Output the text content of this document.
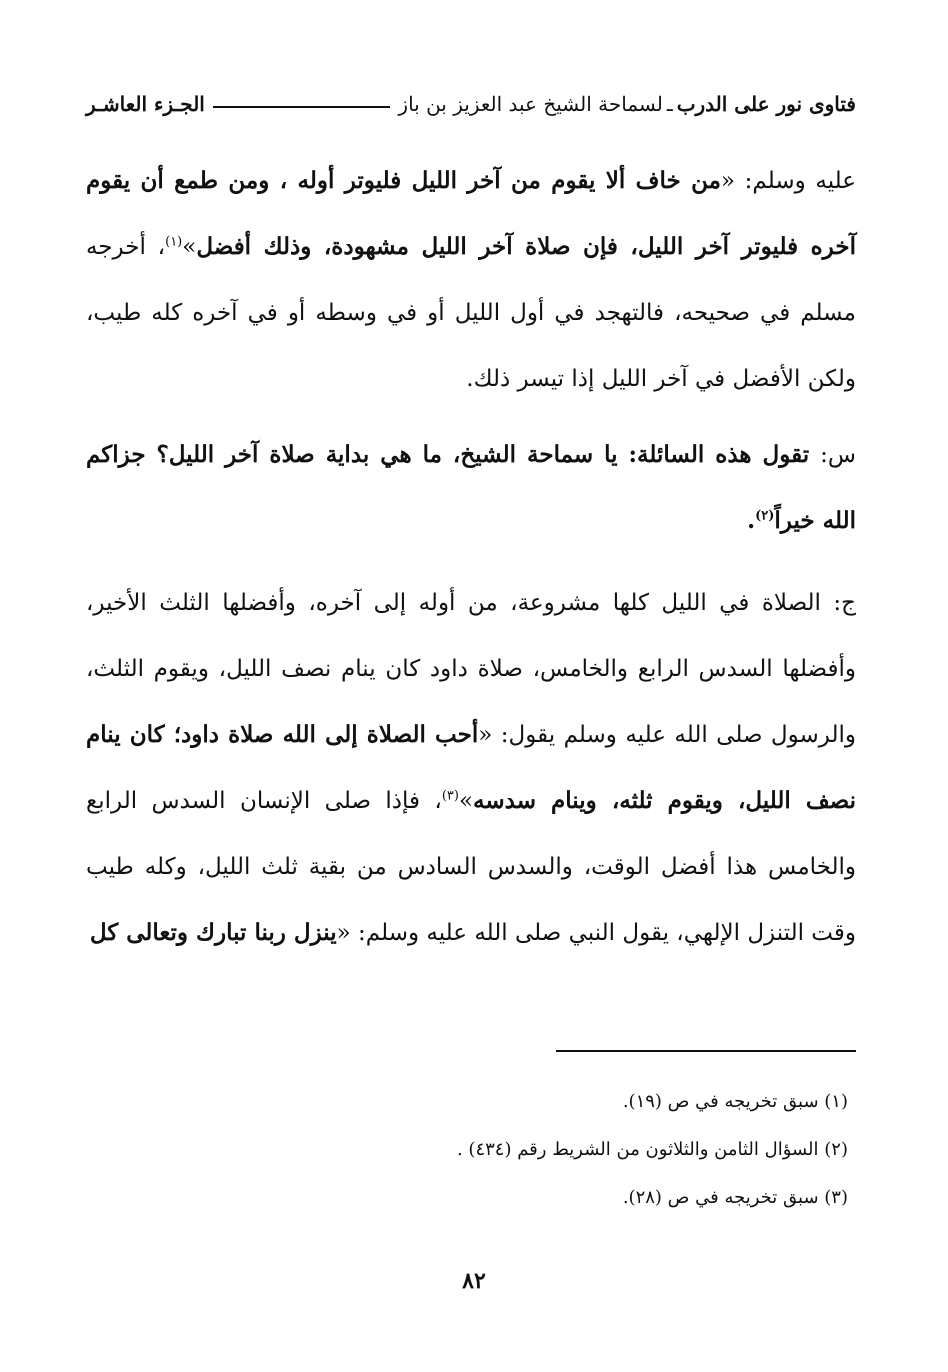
فتاوى نور على الدرب
ـ
لسماحة الشيخ عبد العزيز بن باز
الجـزء العاشـر

عليه وسلم: «من خاف ألا يقوم من آخر الليل فليوتر أوله ، ومن طمع أن يقوم آخره فليوتر آخر الليل، فإن صلاة آخر الليل مشهودة، وذلك أفضل»$^{(١)}$، أخرجه مسلم في صحيحه، فالتهجد في أول الليل أو في وسطه أو في آخره كله طيب، ولكن الأفضل في آخر الليل إذا تيسر ذلك.

س: تقول هذه السائلة: يا سماحة الشيخ، ما هي بداية صلاة آخر الليل؟ جزاكم الله خيراً$^{(٢)}$.

ج: الصلاة في الليل كلها مشروعة، من أوله إلى آخره، وأفضلها الثلث الأخير، وأفضلها السدس الرابع والخامس، صلاة داود كان ينام نصف الليل، ويقوم الثلث، والرسول صلى الله عليه وسلم يقول: «أحب الصلاة إلى الله صلاة داود؛ كان ينام نصف الليل، ويقوم ثلثه، وينام سدسه»$^{(٣)}$، فإذا صلى الإنسان السدس الرابع والخامس هذا أفضل الوقت، والسدس السادس من بقية ثلث الليل، وكله طيب وقت التنزل الإلهي، يقول النبي صلى الله عليه وسلم: «ينزل ربنا تبارك وتعالى كل

(١) سبق تخريجه في ص (١٩).

(٢) السؤال الثامن والثلاثون من الشريط رقم (٤٣٤) .

(٣) سبق تخريجه في ص (٢٨).

٨٢
